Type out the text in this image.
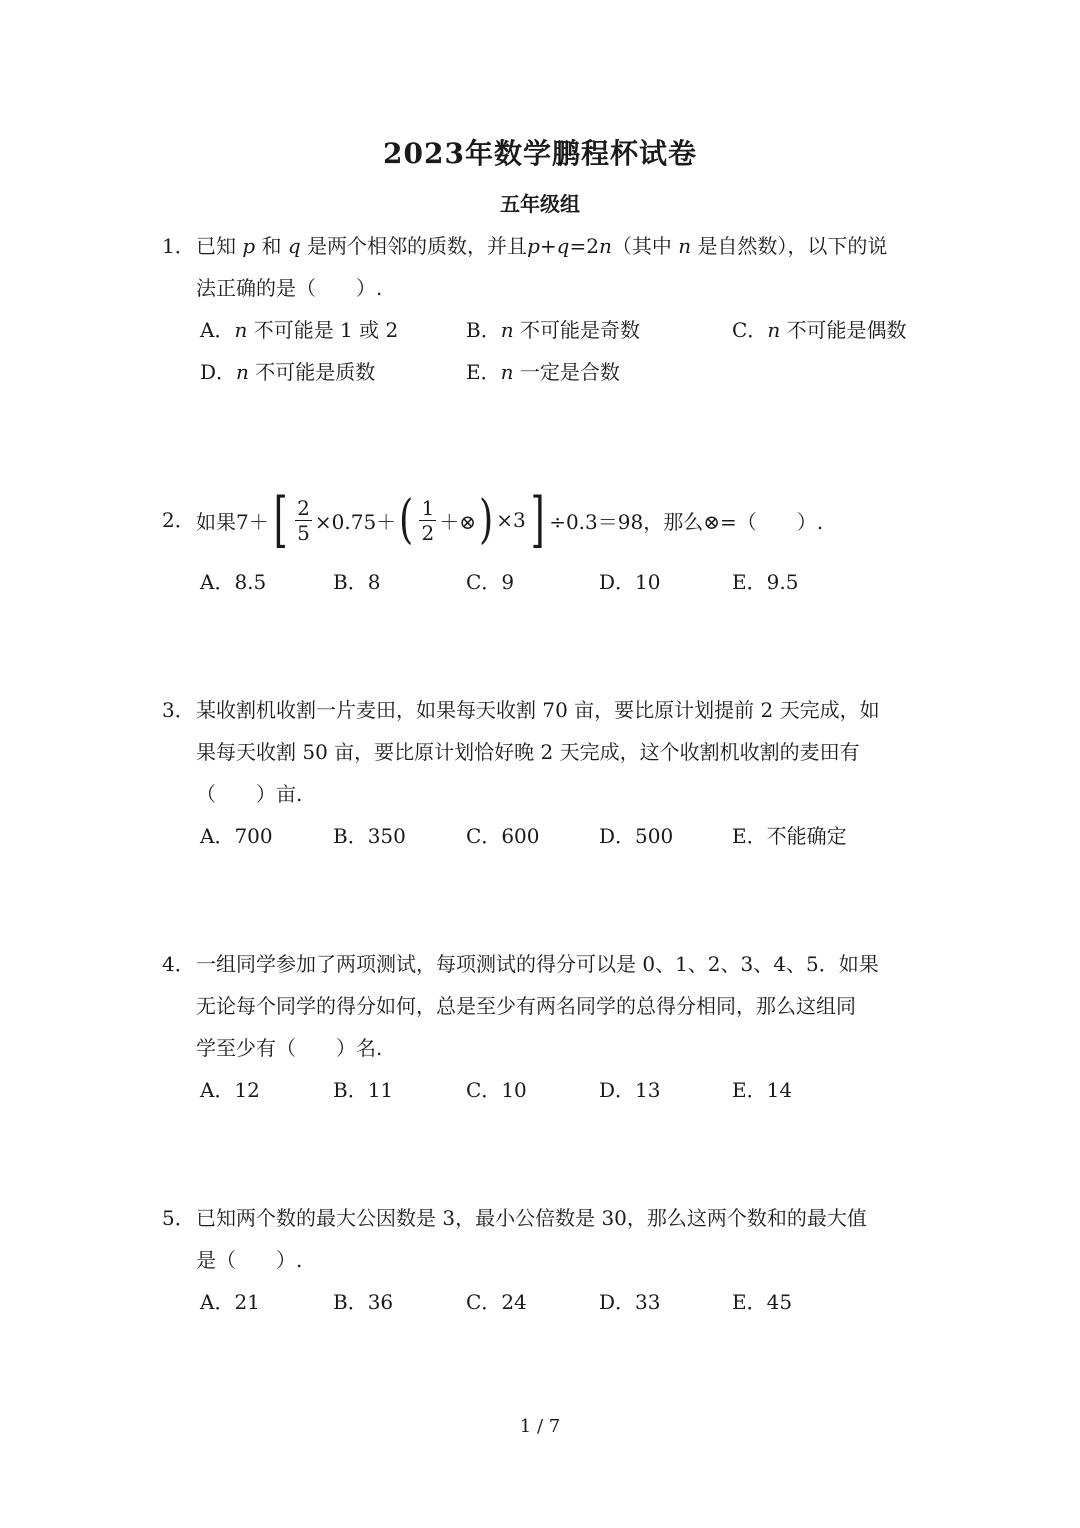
2023年数学鹏程杯试卷
五年级组
1． 已知 p 和 q 是两个相邻的质数，并且p+q=2n（其中 n 是自然数），以下的说
法正确的是（　　）.
A．n 不可能是 1 或 2	B．n 不可能是奇数	C．n 不可能是偶数
D．n 不可能是质数	E．n 一定是合数
2． 如果 7＋ [ $\frac{2}{5} \times 0.75+$ ( $\frac{1}{2}$ ＋⊗ ) ×3 ] ÷0.3＝98，那么⊗=（　　）.
A．8.5	B．8	C．9	D．10	E．9.5
3． 某收割机收割一片麦田，如果每天收割 70 亩，要比原计划提前 2 天完成，如
果每天收割 50 亩，要比原计划恰好晚 2 天完成，这个收割机收割的麦田有
（　　）亩.
A．700	B．350	C．600	D．500	E．不能确定
4． 一组同学参加了两项测试，每项测试的得分可以是 0、1、2、3、4、5．如果
无论每个同学的得分如何，总是至少有两名同学的总得分相同，那么这组同
学至少有（　　）名.
A．12	B．11	C．10	D．13	E．14
5． 已知两个数的最大公因数是 3，最小公倍数是 30，那么这两个数和的最大值
是（　　）.
A．21	B．36	C．24	D．33	E．45
1 / 7
